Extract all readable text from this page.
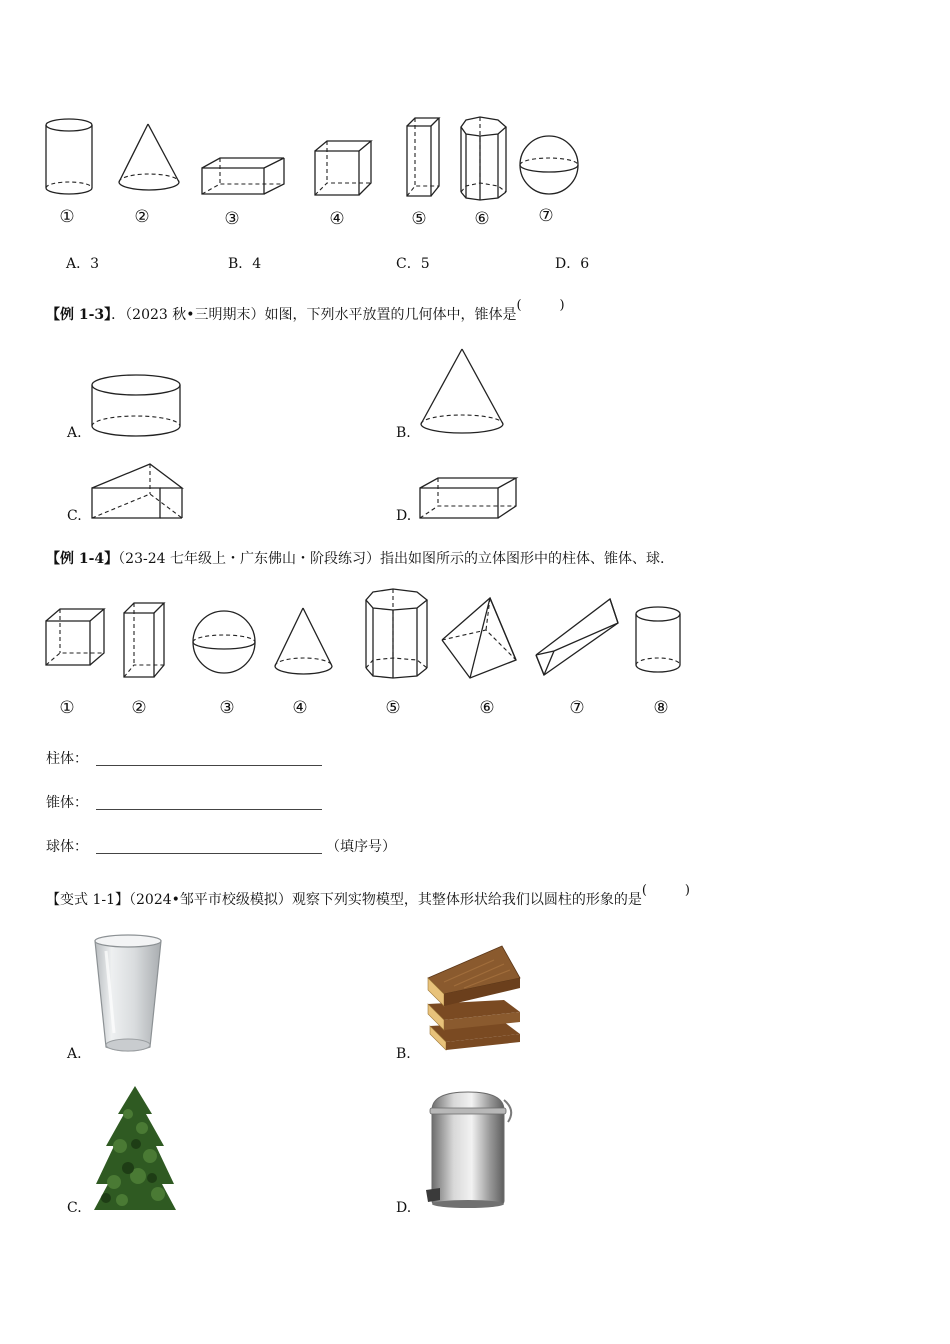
①	②	③	④	⑤	⑥	⑦
A．3	B．4	C．5	D．6
【例 1-3】．（2023 秋•三明期末）如图，下列水平放置的几何体中，锥体是
(	)
A.	B.
C.	D.
【例 1-4】（23-24 七年级上・广东佛山・阶段练习）指出如图所示的立体图形中的柱体、锥体、球.
①	②	③	④	⑤	⑥	⑦	⑧
柱体：
锥体：
球体：	（填序号）
【变式 1-1】（2024•邹平市校级模拟）观察下列实物模型，其整体形状给我们以圆柱的形象的是
(	)
A.	B.
C.	D.
